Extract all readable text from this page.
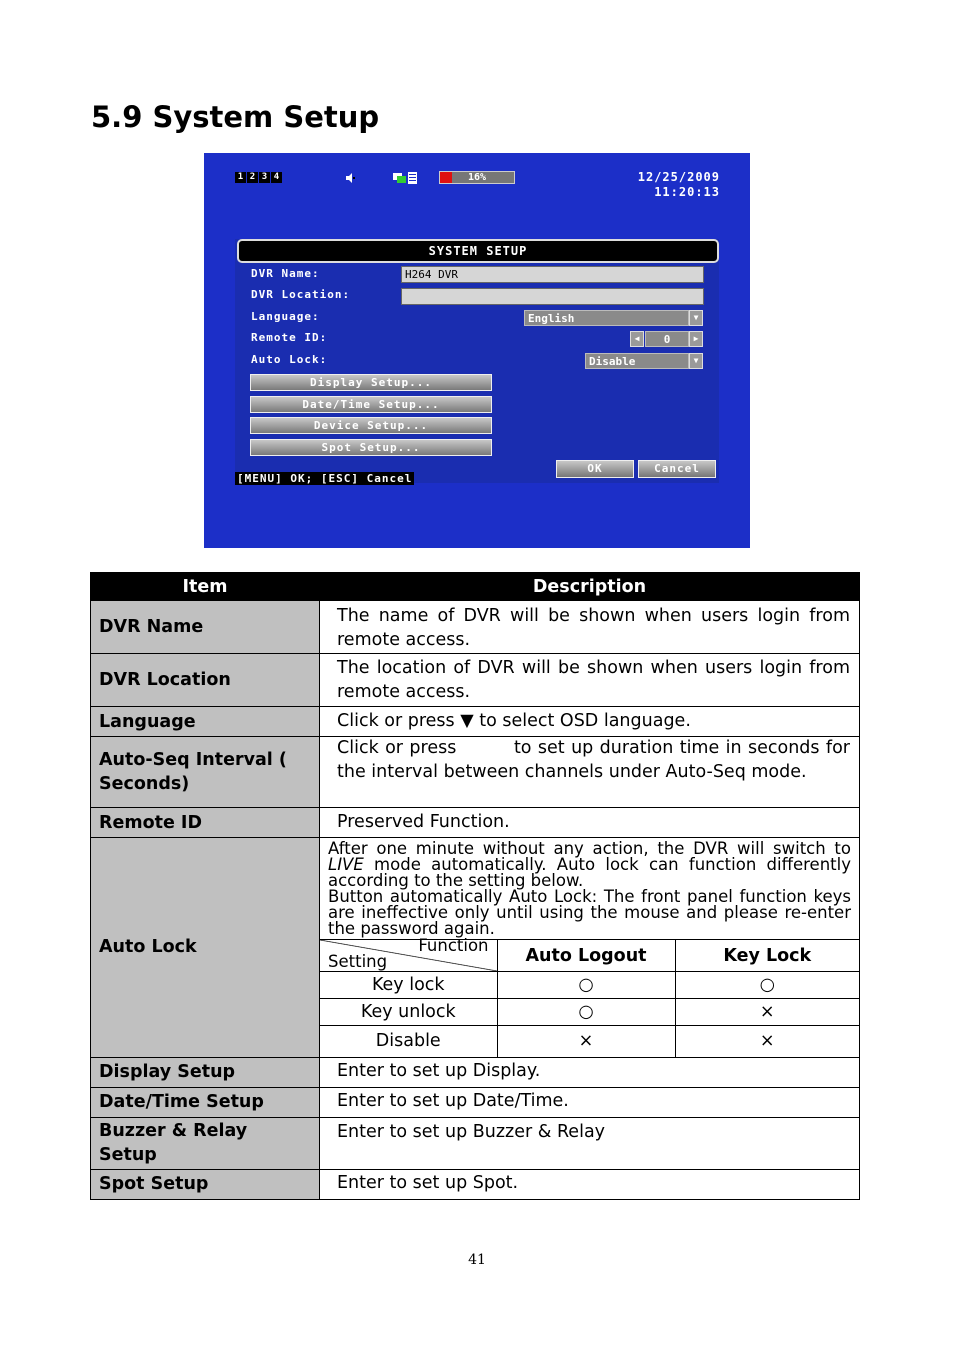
5.9 System Setup
1 2 3 4	16%	12/25/2009
11:20:13
SYSTEM SETUP
DVR Name:	H264 DVR
DVR Location:
Language:	English	▼
Remote ID:	◀	0	▶
Auto Lock:	Disable	▼
Display Setup...
Date/Time Setup...
Device Setup...
Spot Setup...
[MENU] OK; [ESC] Cancel
OK	Cancel
Item	Description
DVR Name	The name of DVR will be shown when users login from remote access.
DVR Location	The location of DVR will be shown when users login from remote access.
Language	Click or press ▼ to select OSD language.
Auto-Seq Interval ( Seconds)	Click or press         to set up duration time in seconds for the interval between channels under Auto-Seq mode.
Remote ID	Preserved Function.
Auto Lock	
After one minute without any action, the DVR will switch to LIVE mode automatically. Auto lock can function differently according to the setting below.
Button automatically Auto Lock: The front panel function keys are ineffective only until using the mouse and please re-enter the password again.
Function
Setting	Auto Logout	Key Lock
Key lock	○	○
Key unlock	○	×
Disable	×	×

Display Setup	Enter to set up Display.
Date/Time Setup	Enter to set up Date/Time.
Buzzer & Relay Setup	Enter to set up Buzzer & Relay
Spot Setup	Enter to set up Spot.
41
